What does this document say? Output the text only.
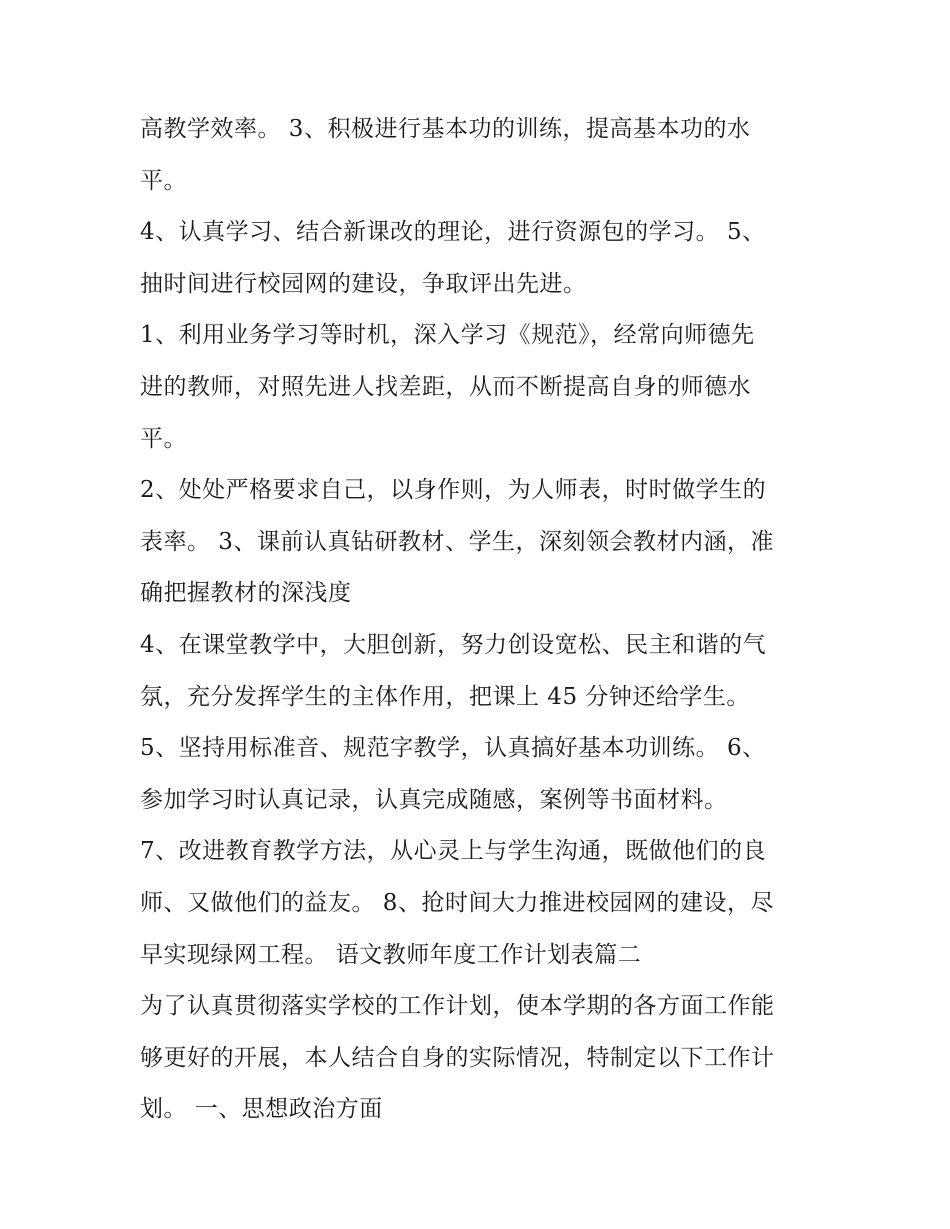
高教学效率。 3、积极进行基本功的训练，提高基本功的水
平。
4、认真学习、结合新课改的理论，进行资源包的学习。 5、
抽时间进行校园网的建设，争取评出先进。
1、利用业务学习等时机，深入学习《规范》，经常向师德先
进的教师，对照先进人找差距，从而不断提高自身的师德水
平。
2、处处严格要求自己，以身作则，为人师表，时时做学生的
表率。 3、课前认真钻研教材、学生，深刻领会教材内涵，准
确把握教材的深浅度
4、在课堂教学中，大胆创新，努力创设宽松、民主和谐的气
氛，充分发挥学生的主体作用，把课上 45 分钟还给学生。
5、坚持用标准音、规范字教学，认真搞好基本功训练。 6、
参加学习时认真记录，认真完成随感，案例等书面材料。
7、改进教育教学方法，从心灵上与学生沟通，既做他们的良
师、又做他们的益友。 8、抢时间大力推进校园网的建设，尽
早实现绿网工程。 语文教师年度工作计划表篇二
为了认真贯彻落实学校的工作计划，使本学期的各方面工作能
够更好的开展，本人结合自身的实际情况，特制定以下工作计
划。 一、思想政治方面
